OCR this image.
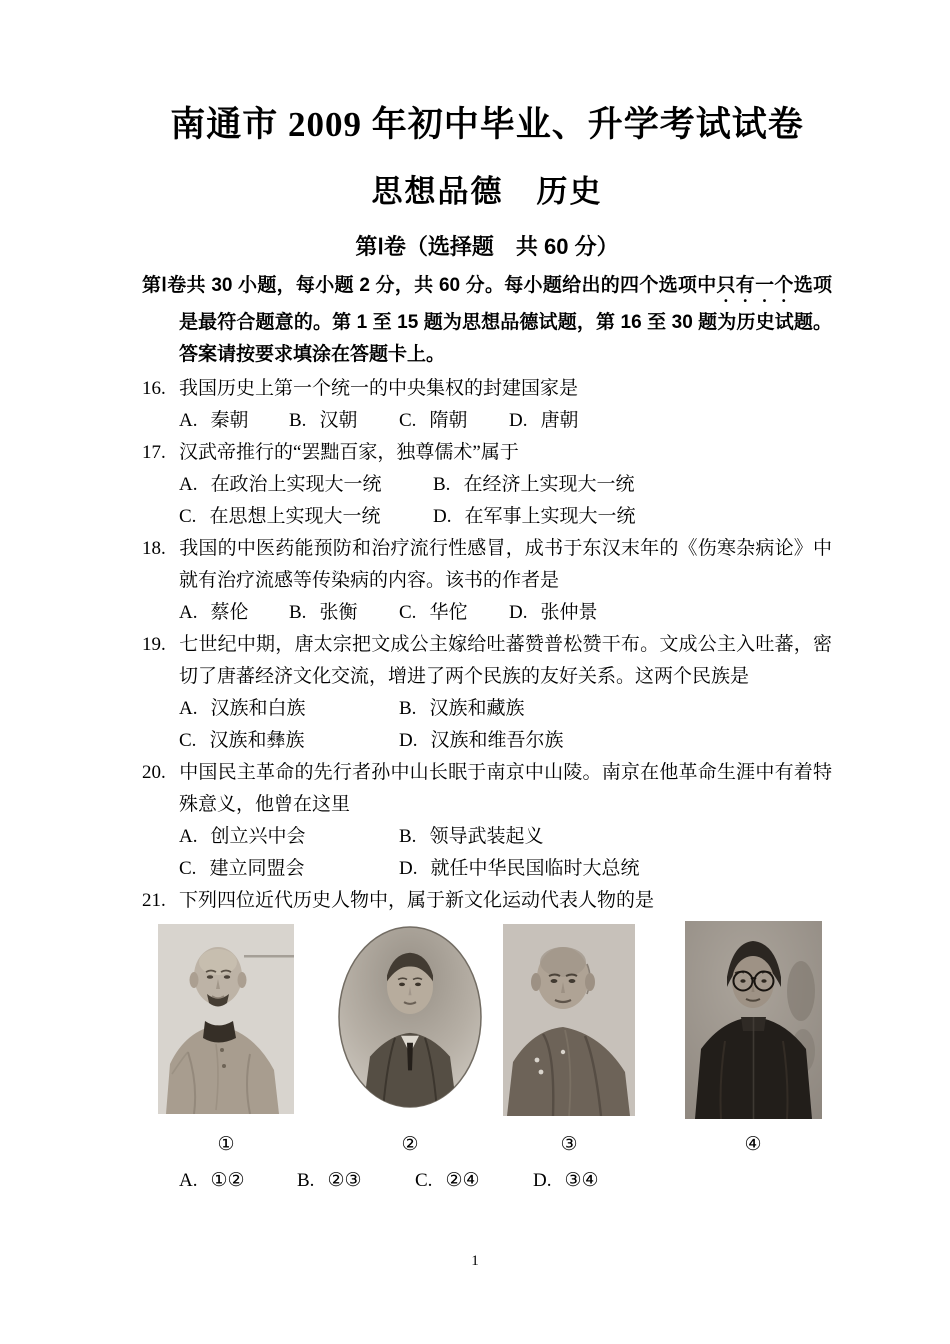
南通市 2009 年初中毕业、升学考试试卷
思想品德　历史
第Ⅰ卷（选择题　共 60 分）

第Ⅰ卷共 30 小题，每小题 2 分，共 60 分。每小题给出的四个选项中只有一个选项是最符合题意的。第 1 至 15 题为思想品德试题，第 16 至 30 题为历史试题。答案请按要求填涂在答题卡上。

16. 我国历史上第一个统一的中央集权的封建国家是

A. 秦朝	B. 汉朝	C. 隋朝	D. 唐朝

17. 汉武帝推行的“罢黜百家，独尊儒术”属于

A. 在政治上实现大一统	B. 在经济上实现大一统
C. 在思想上实现大一统	D. 在军事上实现大一统

18. 我国的中医药能预防和治疗流行性感冒，成书于东汉末年的《伤寒杂病论》中就有治疗流感等传染病的内容。该书的作者是

A. 蔡伦	B. 张衡	C. 华佗	D. 张仲景

19. 七世纪中期，唐太宗把文成公主嫁给吐蕃赞普松赞干布。文成公主入吐蕃，密切了唐蕃经济文化交流，增进了两个民族的友好关系。这两个民族是

A. 汉族和白族	B. 汉族和藏族
C. 汉族和彝族	D. 汉族和维吾尔族

20. 中国民主革命的先行者孙中山长眠于南京中山陵。南京在他革命生涯中有着特殊意义，他曾在这里

A. 创立兴中会	B. 领导武装起义
C. 建立同盟会	D. 就任中华民国临时大总统

21. 下列四位近代历史人物中，属于新文化运动代表人物的是

①	②	③	④
A. ①②	B. ②③	C. ②④	D. ③④
1
